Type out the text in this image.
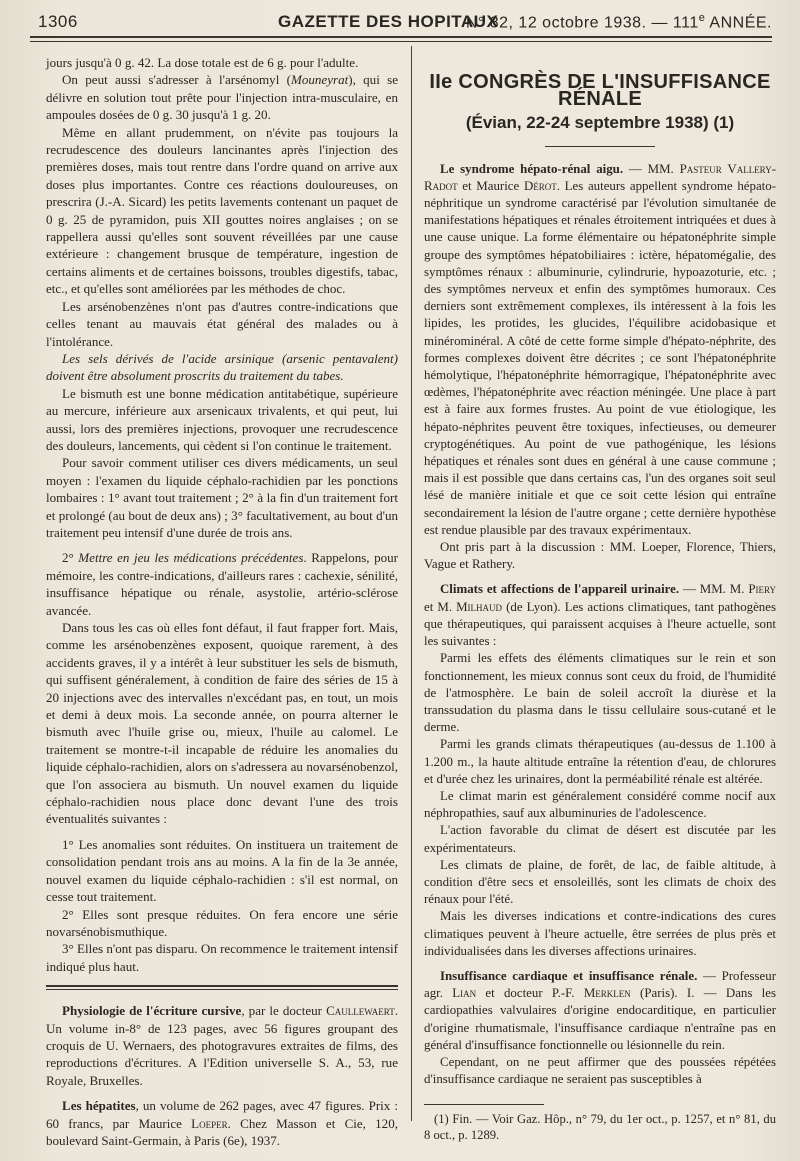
1306	GAZETTE DES HOPITAUX
N° 82, 12 octobre 1938. — 111e ANNÉE.

jours jusqu'à 0 g. 42. La dose totale est de 6 g. pour l'adulte.

On peut aussi s'adresser à l'arsénomyl (Mouneyrat), qui se délivre en solution tout prête pour l'injection intra-musculaire, en ampoules dosées de 0 g. 30 jusqu'à 1 g. 20.

Même en allant prudemment, on n'évite pas toujours la recrudescence des douleurs lancinantes après l'injection des premières doses, mais tout rentre dans l'ordre quand on arrive aux doses plus importantes. Contre ces réactions douloureuses, on prescrira (J.-A. Sicard) les petits lavements contenant un paquet de 0 g. 25 de pyramidon, puis XII gouttes noires anglaises ; on se rappellera aussi qu'elles sont souvent réveillées par une cause extérieure : changement brusque de température, ingestion de certains aliments et de certaines boissons, troubles digestifs, tabac, etc., et qu'elles sont améliorées par les méthodes de choc.

Les arsénobenzènes n'ont pas d'autres contre-indications que celles tenant au mauvais état général des malades ou à l'intolérance.

Les sels dérivés de l'acide arsinique (arsenic pentavalent) doivent être absolument proscrits du traitement du tabes.

Le bismuth est une bonne médication antitabétique, supérieure au mercure, inférieure aux arsenicaux trivalents, et qui peut, lui aussi, lors des premières injections, provoquer une recrudescence des douleurs, lancements, qui cèdent si l'on continue le traitement.

Pour savoir comment utiliser ces divers médicaments, un seul moyen : l'examen du liquide céphalo-rachidien par les ponctions lombaires : 1° avant tout traitement ; 2° à la fin d'un traitement fort et prolongé (au bout de deux ans) ; 3° facultativement, au bout d'un traitement peu intensif d'une durée de trois ans.

2° Mettre en jeu les médications précédentes. Rappelons, pour mémoire, les contre-indications, d'ailleurs rares : cachexie, sénilité, insuffisance hépatique ou rénale, asystolie, artério-sclérose avancée.

Dans tous les cas où elles font défaut, il faut frapper fort. Mais, comme les arsénobenzènes exposent, quoique rarement, à des accidents graves, il y a intérêt à leur substituer les sels de bismuth, qui suffisent généralement, à condition de faire des séries de 15 à 20 injections avec des intervalles n'excédant pas, en tout, un mois et demi à deux mois. La seconde année, on pourra alterner le bismuth avec l'huile grise ou, mieux, l'huile au calomel. Le traitement se montre-t-il incapable de réduire les anomalies du liquide céphalo-rachidien, alors on s'adressera au novarsénobenzol, que l'on associera au bismuth. Un nouvel examen du liquide céphalo-rachidien nous place donc devant l'une des trois éventualités suivantes :

1° Les anomalies sont réduites. On instituera un traitement de consolidation pendant trois ans au moins. A la fin de la 3e année, nouvel examen du liquide céphalo-rachidien : s'il est normal, on cesse tout traitement.

2° Elles sont presque réduites. On fera encore une série novarsénobismuthique.

3° Elles n'ont pas disparu. On recommence le traitement intensif indiqué plus haut.

Physiologie de l'écriture cursive, par le docteur Caullewaert. Un volume in-8° de 123 pages, avec 56 figures groupant des croquis de U. Wernaers, des photogravures extraites de films, des reproductions d'écritures. A l'Edition universelle S. A., 53, rue Royale, Bruxelles.

Les hépatites, un volume de 262 pages, avec 47 figures. Prix : 60 francs, par Maurice Loeper. Chez Masson et Cie, 120, boulevard Saint-Germain, à Paris (6e), 1937.

IIe CONGRÈS DE L'INSUFFISANCE RÉNALE
(Évian, 22-24 septembre 1938) (1)

Le syndrome hépato-rénal aigu. — MM. Pasteur Vallery-Radot et Maurice Dérot. Les auteurs appellent syndrome hépato-néphritique un syndrome caractérisé par l'évolution simultanée de manifestations hépatiques et rénales étroitement intriquées et dues à une cause unique. La forme élémentaire ou hépatonéphrite simple groupe des symptômes hépatobiliaires : ictère, hépatomégalie, des symptômes rénaux : albuminurie, cylindrurie, hypoazoturie, etc. ; des symptômes nerveux et enfin des symptômes humoraux. Ces derniers sont extrêmement complexes, ils intéressent à la fois les lipides, les protides, les glucides, l'équilibre acidobasique et minérominéral. A côté de cette forme simple d'hépato-néphrite, des formes complexes doivent être décrites ; ce sont l'hépatonéphrite hémolytique, l'hépatonéphrite hémorragique, l'hépatonéphrite avec œdèmes, l'hépatonéphrite avec réaction méningée. Une place à part est à faire aux formes frustes. Au point de vue étiologique, les hépato-néphrites peuvent être toxiques, infectieuses, ou demeurer cryptogénétiques. Au point de vue pathogénique, les lésions hépatiques et rénales sont dues en général à une cause commune ; mais il est possible que dans certains cas, l'un des organes soit seul lésé de manière initiale et que ce soit cette lésion qui entraîne secondairement la lésion de l'autre organe ; cette dernière hypothèse est rendue plausible par des travaux expérimentaux.

Ont pris part à la discussion : MM. Loeper, Florence, Thiers, Vague et Rathery.

Climats et affections de l'appareil urinaire. — MM. M. Piery et M. Milhaud (de Lyon). Les actions climatiques, tant pathogènes que thérapeutiques, qui paraissent acquises à l'heure actuelle, sont les suivantes :

Parmi les effets des éléments climatiques sur le rein et son fonctionnement, les mieux connus sont ceux du froid, de l'humidité de l'atmosphère. Le bain de soleil accroît la diurèse et la transsudation du plasma dans le tissu cellulaire sous-cutané et le derme.

Parmi les grands climats thérapeutiques (au-dessus de 1.100 à 1.200 m., la haute altitude entraîne la rétention d'eau, de chlorures et d'urée chez les urinaires, dont la perméabilité rénale est altérée.

Le climat marin est généralement considéré comme nocif aux néphropathies, sauf aux albuminuries de l'adolescence.

L'action favorable du climat de désert est discutée par les expérimentateurs.

Les climats de plaine, de forêt, de lac, de faible altitude, à condition d'être secs et ensoleillés, sont les climats de choix des rénaux pour l'été.

Mais les diverses indications et contre-indications des cures climatiques peuvent à l'heure actuelle, être serrées de plus près et individualisées dans les diverses affections urinaires.

Insuffisance cardiaque et insuffisance rénale. — Professeur agr. Lian et docteur P.-F. Merklen (Paris). I. — Dans les cardiopathies valvulaires d'origine endocarditique, en particulier d'origine rhumatismale, l'insuffisance cardiaque n'entraîne pas en général d'insuffisance fonctionnelle ou lésionnelle du rein.

Cependant, on ne peut affirmer que des poussées répétées d'insuffisance cardiaque ne seraient pas susceptibles à

(1) Fin. — Voir Gaz. Hôp., n° 79, du 1er oct., p. 1257, et n° 81, du 8 oct., p. 1289.
